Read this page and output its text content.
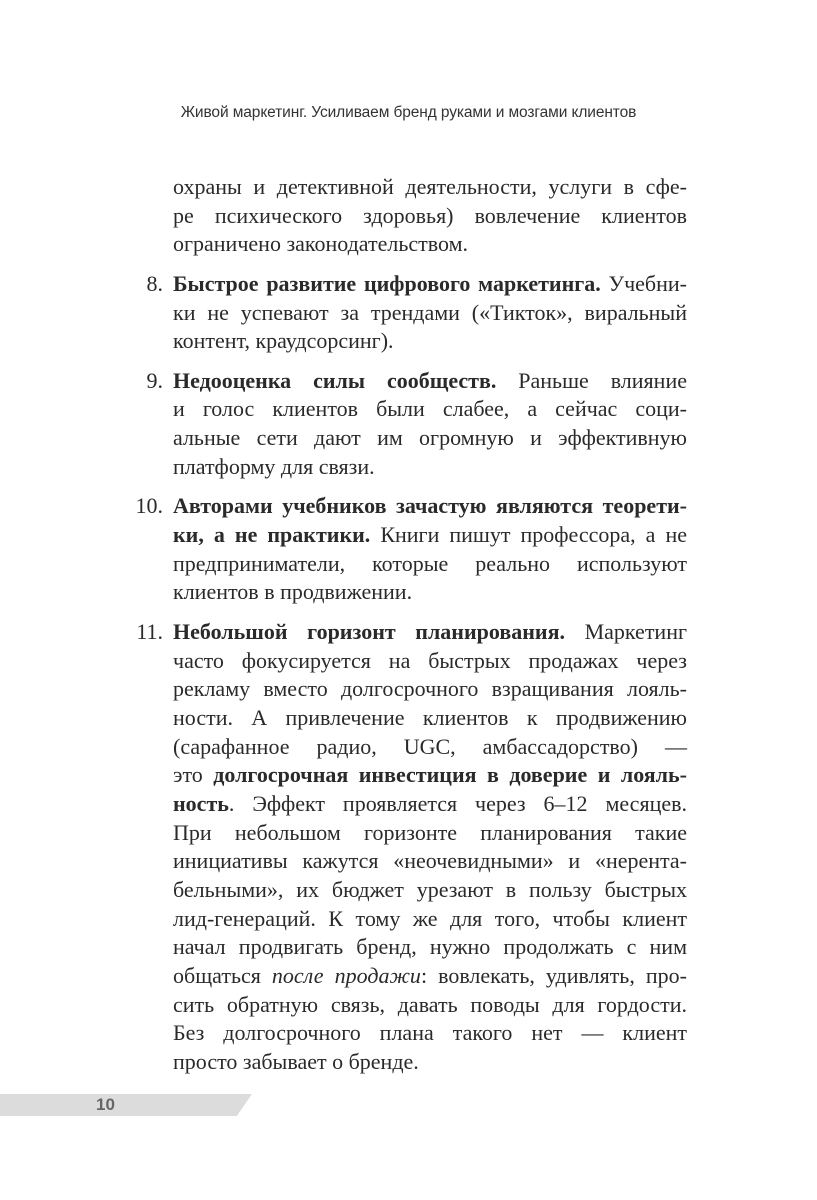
Живой маркетинг. Усиливаем бренд руками и мозгами клиентов
охраны и детективной деятельности, услуги в сфе-
ре психического здоровья) вовлечение клиентов
ограничено законодательством.
8. Быстрое развитие цифрового маркетинга. Учебни-
ки не успевают за трендами («Тикток», виральный
контент, краудсорсинг).
9. Недооценка силы сообществ. Раньше влияние
и голос клиентов были слабее, а сейчас соци-
альные сети дают им огромную и эффективную
платформу для связи.
10. Авторами учебников зачастую являются теорети-
ки, а не практики. Книги пишут профессора, а не
предприниматели, которые реально используют
клиентов в продвижении.
11. Небольшой горизонт планирования. Маркетинг
часто фокусируется на быстрых продажах через
рекламу вместо долгосрочного взращивания лояль-
ности. А привлечение клиентов к продвижению
(сарафанное радио, UGC, амбассадорство) —
это долгосрочная инвестиция в доверие и лояль-
ность. Эффект проявляется через 6–12 месяцев.
При небольшом горизонте планирования такие
инициативы кажутся «неочевидными» и «нерента-
бельными», их бюджет урезают в пользу быстрых
лид-генераций. К тому же для того, чтобы клиент
начал продвигать бренд, нужно продолжать с ним
общаться после продажи: вовлекать, удивлять, про-
сить обратную связь, давать поводы для гордости.
Без долгосрочного плана такого нет — клиент
просто забывает о бренде.
10
